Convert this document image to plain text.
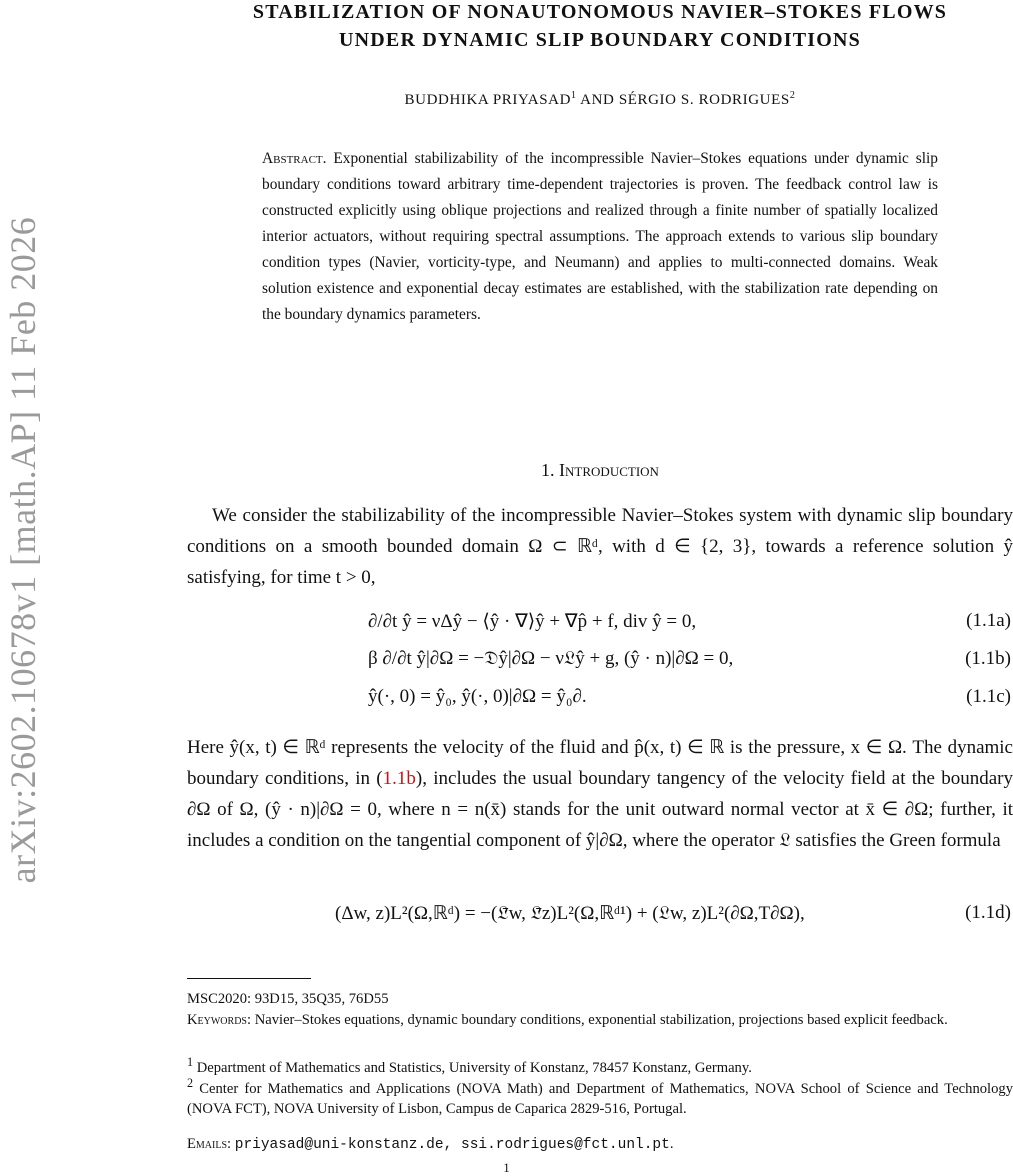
arXiv:2602.10678v1 [math.AP] 11 Feb 2026
STABILIZATION OF NONAUTONOMOUS NAVIER–STOKES FLOWS
UNDER DYNAMIC SLIP BOUNDARY CONDITIONS
BUDDHIKA PRIYASAD$^1$ AND SÉRGIO S. RODRIGUES$^2$
Abstract. Exponential stabilizability of the incompressible Navier–Stokes equations under dynamic slip boundary conditions toward arbitrary time-dependent trajectories is proven. The feedback control law is constructed explicitly using oblique projections and realized through a finite number of spatially localized interior actuators, without requiring spectral assumptions. The approach extends to various slip boundary condition types (Navier, vorticity-type, and Neumann) and applies to multi-connected domains. Weak solution existence and exponential decay estimates are established, with the stabilization rate depending on the boundary dynamics parameters.
1. Introduction

We consider the stabilizability of the incompressible Navier–Stokes system with dynamic slip boundary conditions on a smooth bounded domain Ω ⊂ ℝᵈ, with d ∈ {2, 3}, towards a reference solution ŷ satisfying, for time t > 0,

∂/∂t ŷ = νΔŷ − ⟨ŷ · ∇⟩ŷ + ∇p̂ + f, div ŷ = 0,	(1.1a)
β ∂/∂t ŷ|∂Ω = −𝔇ŷ|∂Ω − ν𝔏ŷ + g, (ŷ · n)|∂Ω = 0,	(1.1b)
ŷ(·, 0) = ŷ₀, ŷ(·, 0)|∂Ω = ŷ₀∂.	(1.1c)

Here ŷ(x, t) ∈ ℝᵈ represents the velocity of the fluid and p̂(x, t) ∈ ℝ is the pressure, x ∈ Ω. The dynamic boundary conditions, in (1.1b), includes the usual boundary tangency of the velocity field at the boundary ∂Ω of Ω, (ŷ · n)|∂Ω = 0, where n = n(x̄) stands for the unit outward normal vector at x̄ ∈ ∂Ω; further, it includes a condition on the tangential component of ŷ|∂Ω, where the operator 𝔏 satisfies the Green formula

(Δw, z)L²(Ω,ℝᵈ) = −(𝔏̄w, 𝔏̄z)L²(Ω,ℝᵈ¹) + (𝔏w, z)L²(∂Ω,T∂Ω),	(1.1d)

MSC2020: 93D15, 35Q35, 76D55

Keywords: Navier–Stokes equations, dynamic boundary conditions, exponential stabilization, projections based explicit feedback.

$^1$ Department of Mathematics and Statistics, University of Konstanz, 78457 Konstanz, Germany.

$^2$ Center for Mathematics and Applications (NOVA Math) and Department of Mathematics, NOVA School of Science and Technology (NOVA FCT), NOVA University of Lisbon, Campus de Caparica 2829-516, Portugal.

Emails: priyasad@uni-konstanz.de, ssi.rodrigues@fct.unl.pt.

1
